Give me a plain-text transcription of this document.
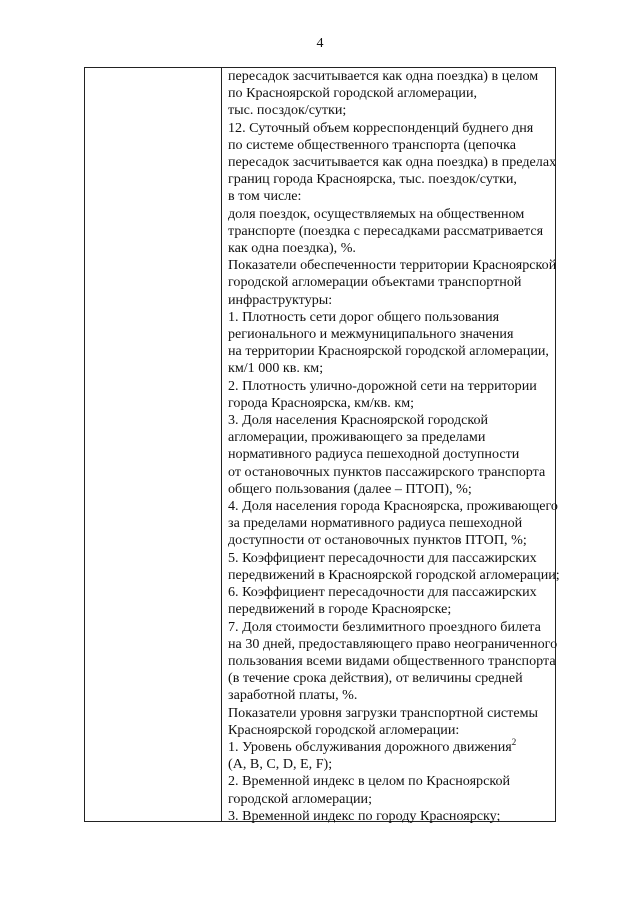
4
пересадок засчитывается как одна поездка) в целом
по Красноярской городской агломерации,
тыс. посздок/сутки;
12. Суточный объем корреспонденций буднего дня
по системе общественного транспорта (цепочка
пересадок засчитывается как одна поездка) в пределах
границ города Красноярска, тыс. поездок/сутки,
в том числе:
доля поездок, осуществляемых на общественном
транспорте (поездка с пересадками рассматривается
как одна поездка), %.
Показатели обеспеченности территории Красноярской
городской агломерации объектами транспортной
инфраструктуры:
1. Плотность сети дорог общего пользования
регионального и межмуниципального значения
на территории Красноярской городской агломерации,
км/1 000 кв. км;
2. Плотность улично-дорожной сети на территории
города Красноярска, км/кв. км;
3. Доля населения Красноярской городской
агломерации, проживающего за пределами
нормативного радиуса пешеходной доступности
от остановочных пунктов пассажирского транспорта
общего пользования (далее – ПТОП), %;
4. Доля населения города Красноярска, проживающего
за пределами нормативного радиуса пешеходной
доступности от остановочных пунктов ПТОП, %;
5. Коэффициент пересадочности для пассажирских
передвижений в Красноярской городской агломерации;
6. Коэффициент пересадочности для пассажирских
передвижений в городе Красноярске;
7. Доля стоимости безлимитного проездного билета
на 30 дней, предоставляющего право неограниченного
пользования всеми видами общественного транспорта
(в течение срока действия), от величины средней
заработной платы, %.
Показатели уровня загрузки транспортной системы
Красноярской городской агломерации:
1. Уровень обслуживания дорожного движения$^2$
(A, B, C, D, E, F);
2. Временной индекс в целом по Красноярской
городской агломерации;
3. Временной индекс по городу Красноярску;
